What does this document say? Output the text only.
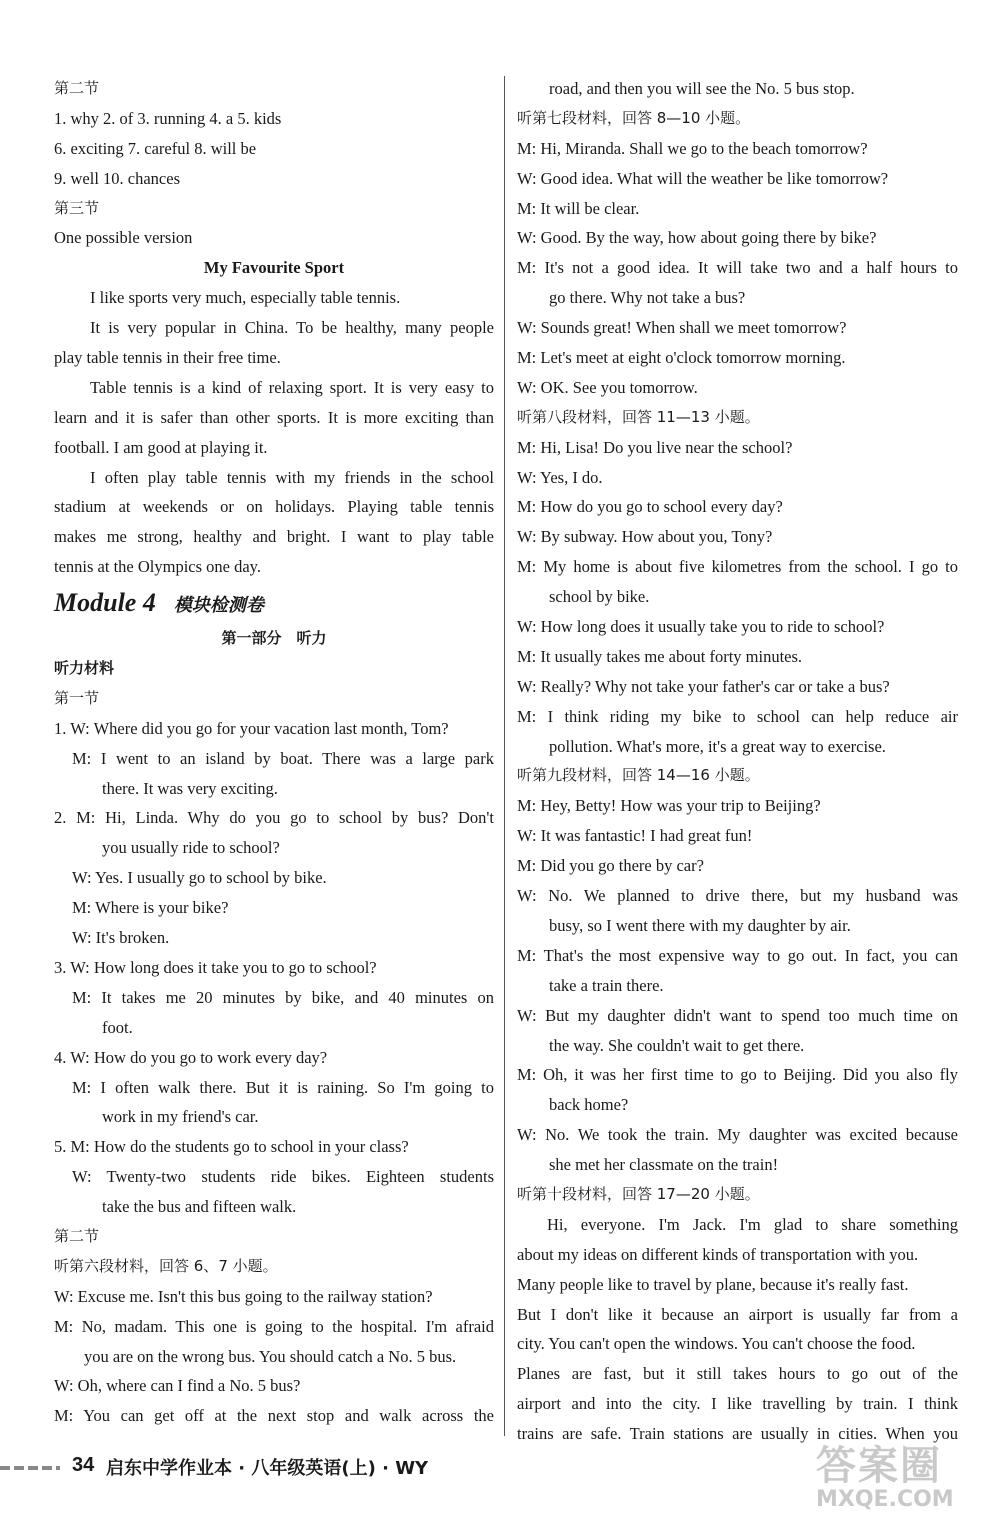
第二节
1. why 2. of 3. running 4. a 5. kids
6. exciting 7. careful 8. will be
9. well 10. chances
第三节
One possible version
My Favourite Sport
I like sports very much, especially table tennis.
It is very popular in China. To be healthy, many people
play table tennis in their free time.
Table tennis is a kind of relaxing sport. It is very easy to
learn and it is safer than other sports. It is more exciting than
football. I am good at playing it.
I often play table tennis with my friends in the school
stadium at weekends or on holidays. Playing table tennis
makes me strong, healthy and bright. I want to play table
tennis at the Olympics one day.
Module 4 模块检测卷
第一部分　听力
听力材料
第一节
1. W: Where did you go for your vacation last month, Tom?
M: I went to an island by boat. There was a large park
there. It was very exciting.
2. M: Hi, Linda. Why do you go to school by bus? Don't
you usually ride to school?
W: Yes. I usually go to school by bike.
M: Where is your bike?
W: It's broken.
3. W: How long does it take you to go to school?
M: It takes me 20 minutes by bike, and 40 minutes on
foot.
4. W: How do you go to work every day?
M: I often walk there. But it is raining. So I'm going to
work in my friend's car.
5. M: How do the students go to school in your class?
W: Twenty-two students ride bikes. Eighteen students
take the bus and fifteen walk.
第二节
听第六段材料，回答 6、7 小题。
W: Excuse me. Isn't this bus going to the railway station?
M: No, madam. This one is going to the hospital. I'm afraid
you are on the wrong bus. You should catch a No. 5 bus.
W: Oh, where can I find a No. 5 bus?
M: You can get off at the next stop and walk across the
road, and then you will see the No. 5 bus stop.
听第七段材料，回答 8—10 小题。
M: Hi, Miranda. Shall we go to the beach tomorrow?
W: Good idea. What will the weather be like tomorrow?
M: It will be clear.
W: Good. By the way, how about going there by bike?
M: It's not a good idea. It will take two and a half hours to
go there. Why not take a bus?
W: Sounds great! When shall we meet tomorrow?
M: Let's meet at eight o'clock tomorrow morning.
W: OK. See you tomorrow.
听第八段材料，回答 11—13 小题。
M: Hi, Lisa! Do you live near the school?
W: Yes, I do.
M: How do you go to school every day?
W: By subway. How about you, Tony?
M: My home is about five kilometres from the school. I go to
school by bike.
W: How long does it usually take you to ride to school?
M: It usually takes me about forty minutes.
W: Really? Why not take your father's car or take a bus?
M: I think riding my bike to school can help reduce air
pollution. What's more, it's a great way to exercise.
听第九段材料，回答 14—16 小题。
M: Hey, Betty! How was your trip to Beijing?
W: It was fantastic! I had great fun!
M: Did you go there by car?
W: No. We planned to drive there, but my husband was
busy, so I went there with my daughter by air.
M: That's the most expensive way to go out. In fact, you can
take a train there.
W: But my daughter didn't want to spend too much time on
the way. She couldn't wait to get there.
M: Oh, it was her first time to go to Beijing. Did you also fly
back home?
W: No. We took the train. My daughter was excited because
she met her classmate on the train!
听第十段材料，回答 17—20 小题。
Hi, everyone. I'm Jack. I'm glad to share something
about my ideas on different kinds of transportation with you.
Many people like to travel by plane, because it's really fast.
But I don't like it because an airport is usually far from a
city. You can't open the windows. You can't choose the food.
Planes are fast, but it still takes hours to go out of the
airport and into the city. I like travelling by train. I think
trains are safe. Train stations are usually in cities. When you
34 启东中学作业本 · 八年级英语(上) · WY	答案圈
MXQE.COM
